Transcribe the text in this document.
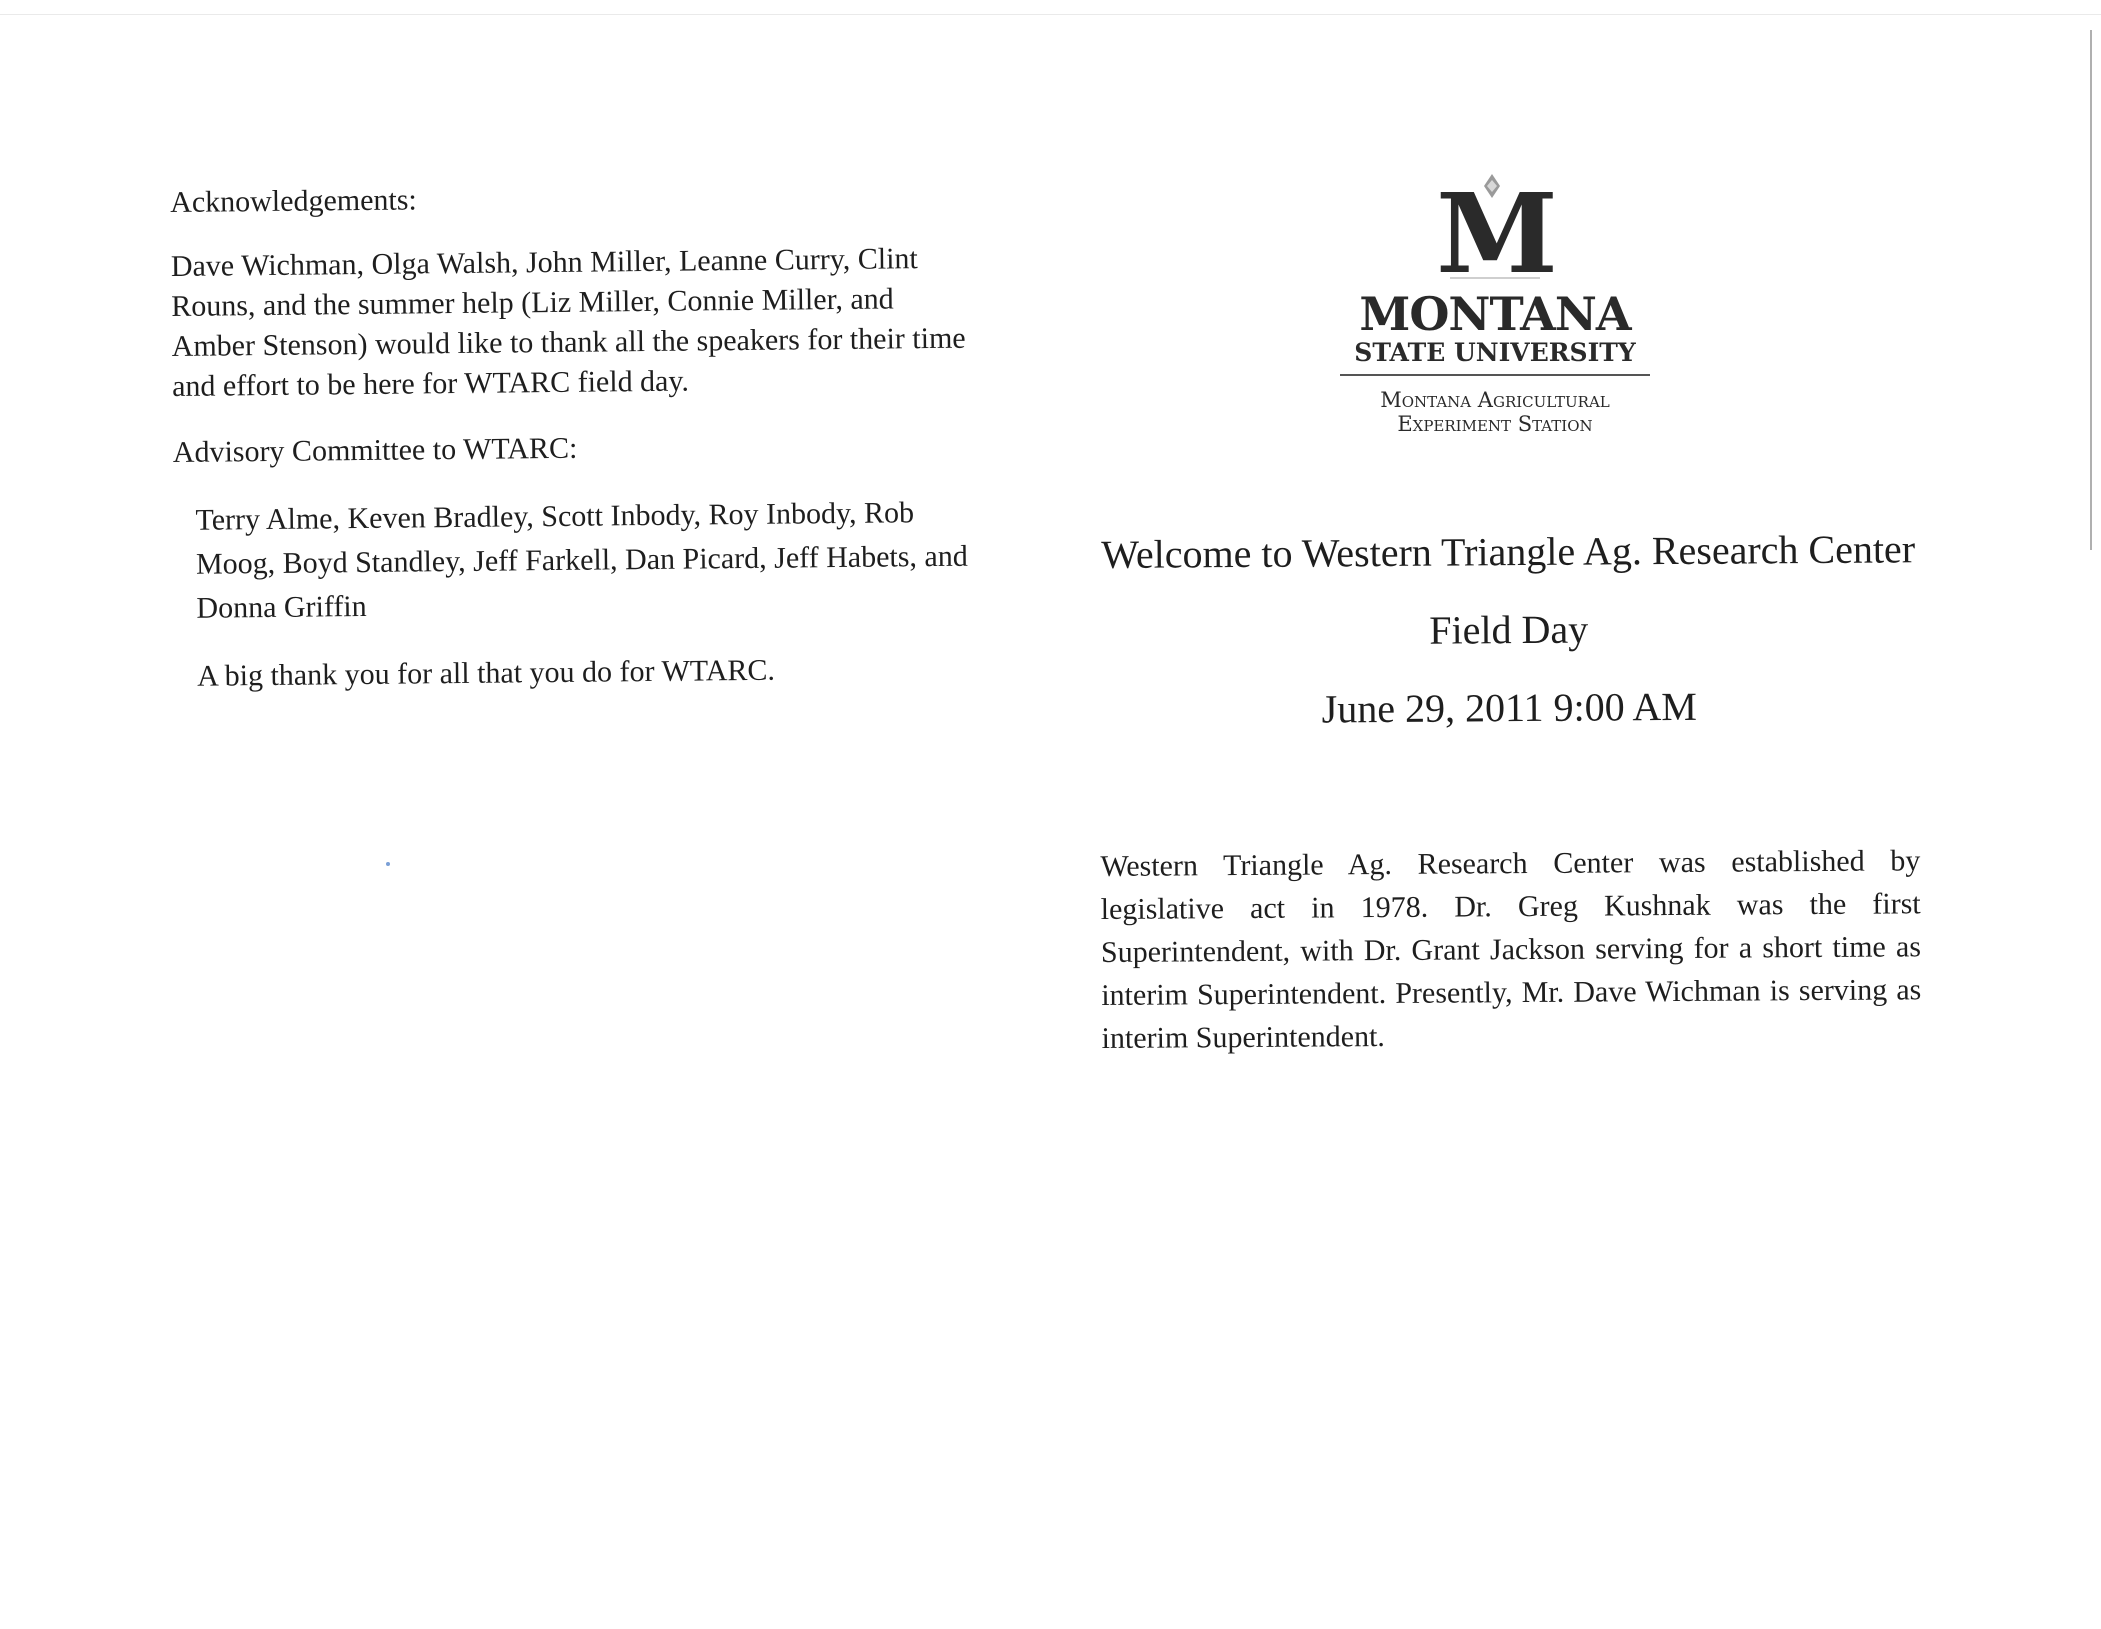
Acknowledgements:
Dave Wichman, Olga Walsh, John Miller, Leanne Curry, Clint Rouns, and the summer help (Liz Miller, Connie Miller, and Amber Stenson) would like to thank all the speakers for their time and effort to be here for WTARC field day.
Advisory Committee to WTARC:
Terry Alme, Keven Bradley, Scott Inbody, Roy Inbody, Rob Moog, Boyd Standley, Jeff Farkell, Dan Picard, Jeff Habets, and Donna Griffin
A big thank you for all that you do for WTARC.
M
MONTANA
STATE UNIVERSITY
Montana Agricultural
Experiment Station
Welcome to Western Triangle Ag. Research Center
Field Day
June 29, 2011 9:00 AM
Western Triangle Ag. Research Center was established by legislative act in 1978. Dr. Greg Kushnak was the first Superintendent, with Dr. Grant Jackson serving for a short time as interim Superintendent. Presently, Mr. Dave Wichman is serving as interim Superintendent.
